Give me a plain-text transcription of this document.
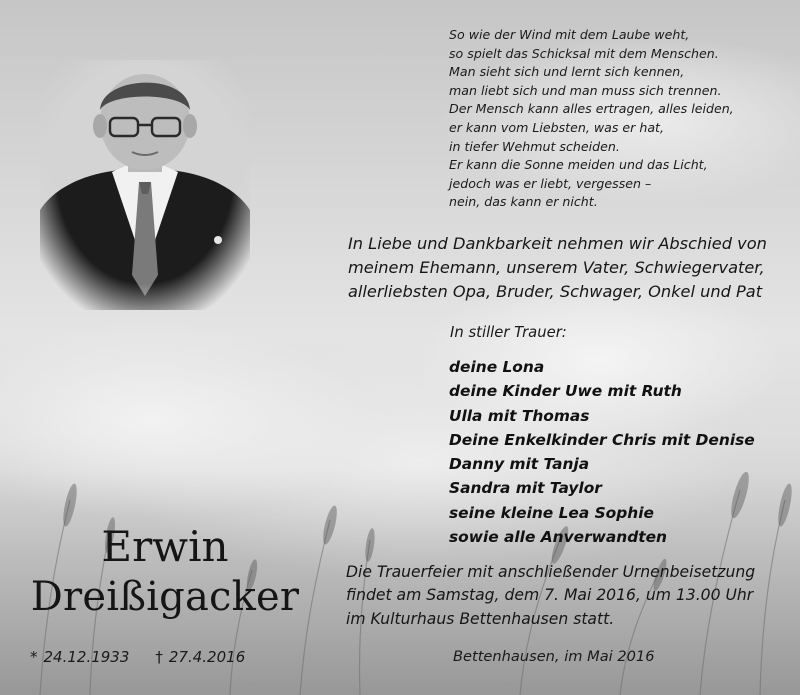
So wie der Wind mit dem Laube weht,
so spielt das Schicksal mit dem Menschen.
Man sieht sich und lernt sich kennen,
man liebt sich und man muss sich trennen.
Der Mensch kann alles ertragen, alles leiden,
er kann vom Liebsten, was er hat,
in tiefer Wehmut scheiden.
Er kann die Sonne meiden und das Licht,
jedoch was er liebt, vergessen –
nein, das kann er nicht.
In Liebe und Dankbarkeit nehmen wir Abschied von
meinem Ehemann, unserem Vater, Schwiegervater,
allerliebsten Opa, Bruder, Schwager, Onkel und Pat
In stiller Trauer:
deine Lona
deine Kinder Uwe mit Ruth
Ulla mit Thomas
Deine Enkelkinder Chris mit Denise
Danny mit Tanja
Sandra mit Taylor
seine kleine Lea Sophie
sowie alle Anverwandten
Die Trauerfeier mit anschließender Urnenbeisetzung
findet am Samstag, dem 7. Mai 2016, um 13.00 Uhr
im Kulturhaus Bettenhausen statt.
Bettenhausen, im Mai 2016
Erwin
Dreißigacker
* 24.12.1933 † 27.4.2016
